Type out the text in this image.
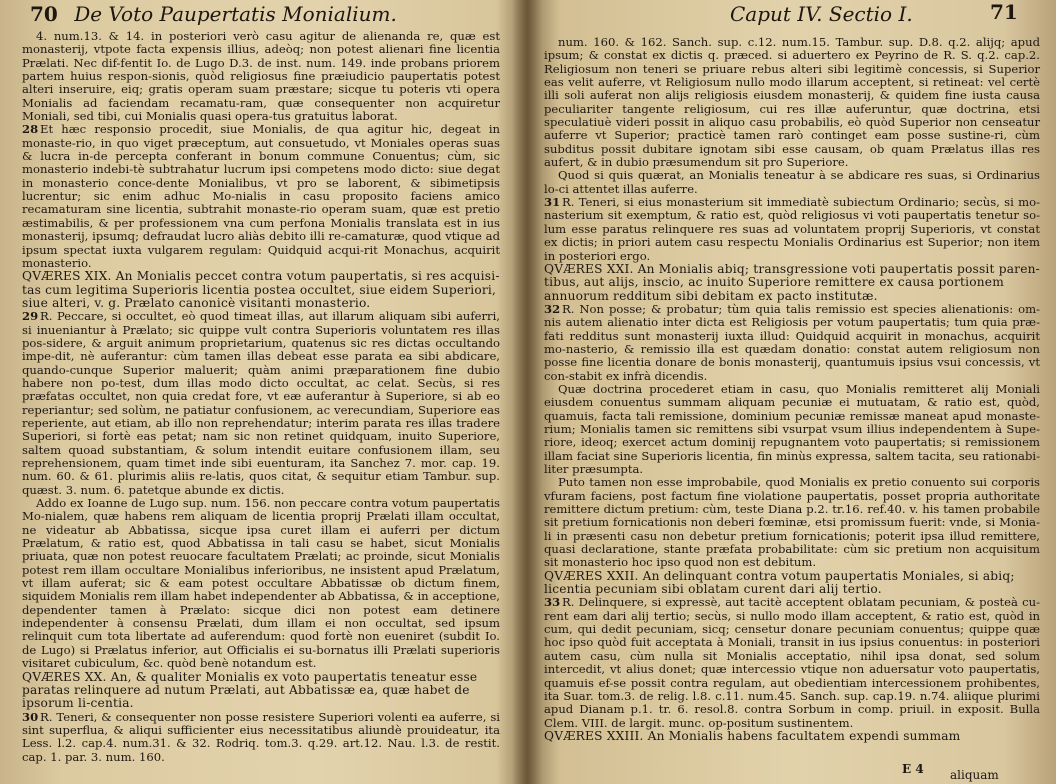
70 De Voto Paupertatis Monialium.

4. num.13. & 14. in posteriori verò casu agitur de alienanda re, quæ est monasterij, vtpote facta expensis illius, adeòq; non potest alienari fine licentia Prælati. Nec dif-fentit Io. de Lugo D.3. de inst. num. 149. inde probans priorem partem huius respon-sionis, quòd religiosus fine præiudicio paupertatis potest alteri inseruire, eiq; gratis operam suam præstare; sicque tu poteris vti opera Monialis ad faciendam recamatu-ram, quæ consequenter non acquiretur Moniali, sed tibi, cui Monialis quasi opera-tus gratuitus laborat.

28 Et hæc responsio procedit, siue Monialis, de qua agitur hic, degeat in monaste-rio, in quo viget præceptum, aut consuetudo, vt Moniales operas suas & lucra in-de percepta conferant in bonum commune Conuentus; cùm, sic monasterio indebi-tè subtrahatur lucrum ipsi competens modo dicto: siue degat in monasterio conce-dente Monialibus, vt pro se laborent, & sibimetipsis lucrentur; sic enim adhuc Mo-nialis in casu proposito faciens amico recamaturam sine licentia, subtrahit monaste-rio operam suam, quæ est pretio æstimabilis, & per professionem vna cum perfona Monialis translata est in ius monasterij, ipsumq; defraudat lucro aliàs debito illi re-camaturæ, quod vtique ad ipsum spectat iuxta vulgarem regulam: Quidquid acqui-rit Monachus, acquirit monasterio.

QVÆRES XIX. An Monialis peccet contra votum paupertatis, si res acquisi-tas cum legitima Superioris licentia postea occultet, siue eidem Superiori, siue alteri, v. g. Prælato canonicè visitanti monasterio.

29 R. Peccare, si occultet, eò quod timeat illas, aut illarum aliquam sibi auferri, si inueniantur à Prælato; sic quippe vult contra Superioris voluntatem res illas pos-sidere, & arguit animum proprietarium, quatenus sic res dictas occultando impe-dit, nè auferantur: cùm tamen illas debeat esse parata ea sibi abdicare, quando-cunque Superior maluerit; quàm animi præparationem fine dubio habere non po-test, dum illas modo dicto occultat, ac celat. Secùs, si res præfatas occultet, non quia credat fore, vt eæ auferantur à Superiore, si ab eo reperiantur; sed solùm, ne patiatur confusionem, ac verecundiam, Superiore eas reperiente, aut etiam, ab illo non reprehendatur; interim parata res illas tradere Superiori, si fortè eas petat; nam sic non retinet quidquam, inuito Superiore, saltem quoad substantiam, & solum intendit euitare confusionem illam, seu reprehensionem, quam timet inde sibi euenturam, ita Sanchez 7. mor. cap. 19. num. 60. & 61. plurimis aliis re-latis, quos citat, & sequitur etiam Tambur. sup. quæst. 3. num. 6. patetque abunde ex dictis.

Addo ex Ioanne de Lugo sup. num. 156. non peccare contra votum paupertatis Mo-nialem, quæ habens rem aliquam de licentia proprij Prælati illam occultat, ne videatur ab Abbatissa, sicque ipsa curet illam ei auferri per dictum Prælatum, & ratio est, quod Abbatissa in tali casu se habet, sicut Monialis priuata, quæ non potest reuocare facultatem Prælati; ac proinde, sicut Monialis potest rem illam occultare Monialibus inferioribus, ne insistent apud Prælatum, vt illam auferat; sic & eam potest occultare Abbatissæ ob dictum finem, siquidem Monialis rem illam habet independenter ab Abbatissa, & in acceptione, dependenter tamen à Prælato: sicque dici non potest eam detinere independenter à consensu Prælati, dum illam ei non occultat, sed ipsum relinquit cum tota libertate ad auferendum: quod fortè non eueniret (subdit Io. de Lugo) si Prælatus inferior, aut Officialis ei su-bornatus illi Prælati superioris visitaret cubiculum, &c. quòd benè notandum est.

QVÆRES XX. An, & qualiter Monialis ex voto paupertatis teneatur esse paratas relinquere ad nutum Prælati, aut Abbatissæ ea, quæ habet de ipsorum li-centia.

30 R. Teneri, & consequenter non posse resistere Superiori volenti ea auferre, si sint superflua, & aliqui sufficienter eius necessitatibus aliundè prouideatur, ita Less. l.2. cap.4. num.31. & 32. Rodriq. tom.3. q.29. art.12. Nau. l.3. de restit. cap. 1. par. 3. num. 160.

Caput IV. Sectio I.	71

num. 160. & 162. Sanch. sup. c.12. num.15. Tambur. sup. D.8. q.2. alijq; apud ipsum; & constat ex dictis q. præced. si aduertero ex Peyrino de R. S. q.2. cap.2. Religiosum non teneri se priuare rebus alteri sibi legitimè concessis, si Superior eas velit auferre, vt Religiosum nullo modo illarum acceptent, si retineat: vel certè illi soli auferat non alijs religiosis eiusdem monasterij, & quidem fine iusta causa peculiariter tangente religiosum, cui res illæ auferuntur, quæ doctrina, etsi speculatiuè videri possit in aliquo casu probabilis, eò quòd Superior non censeatur auferre vt Superior; practicè tamen rarò continget eam posse sustine-ri, cùm subditus possit dubitare ignotam sibi esse causam, ob quam Prælatus illas res aufert, & in dubio præsumendum sit pro Superiore.

Quod si quis quærat, an Monialis teneatur à se abdicare res suas, si Ordinarius lo-ci attentet illas auferre.

31 R. Teneri, si eius monasterium sit immediatè subiectum Ordinario; secùs, si mo-nasterium sit exemptum, & ratio est, quòd religiosus vi voti paupertatis tenetur so-lum esse paratus relinquere res suas ad voluntatem proprij Superioris, vt constat ex dictis; in priori autem casu respectu Monialis Ordinarius est Superior; non item in posteriori ergo.

QVÆRES XXI. An Monialis abiq; transgressione voti paupertatis possit paren-tibus, aut alijs, inscio, ac inuito Superiore remittere ex causa portionem annuorum redditum sibi debitam ex pacto institutæ.

32 R. Non posse; & probatur; tùm quia talis remissio est species alienationis: om-nis autem alienatio inter dicta est Religiosis per votum paupertatis; tum quia præ-fati redditus sunt monasterij iuxta illud: Quidquid acquirit in monachus, acquirit mo-nasterio, & remissio illa est quædam donatio: constat autem religiosum non posse fine licentia donare de bonis monasterij, quantumuis ipsius vsui concessis, vt con-stabit ex infrà dicendis.

Quæ doctrina procederet etiam in casu, quo Monialis remitteret alij Moniali eiusdem conuentus summam aliquam pecuniæ ei mutuatam, & ratio est, quòd, quamuis, facta tali remissione, dominium pecuniæ remissæ maneat apud monaste-rium; Monialis tamen sic remittens sibi vsurpat vsum illius independentem à Supe-riore, ideoq; exercet actum dominij repugnantem voto paupertatis; si remissionem illam faciat sine Superioris licentia, fin minùs expressa, saltem tacita, seu rationabi-liter præsumpta.

Puto tamen non esse improbabile, quod Monialis ex pretio conuento sui corporis vfuram faciens, post factum fine violatione paupertatis, posset propria authoritate remittere dictum pretium: cùm, teste Diana p.2. tr.16. ref.40. v. his tamen probabile sit pretium fornicationis non deberi fœminæ, etsi promissum fuerit: vnde, si Monia-li in præsenti casu non debetur pretium fornicationis; poterit ipsa illud remittere, quasi declaratione, stante præfata probabilitate: cùm sic pretium non acquisitum sit monasterio hoc ipso quod non est debitum.

QVÆRES XXII. An delinquant contra votum paupertatis Moniales, si abiq; licentia pecuniam sibi oblatam curent dari alij tertio.

33 R. Delinquere, si expressè, aut tacitè acceptent oblatam pecuniam, & posteà cu-rent eam dari alij tertio; secùs, si nullo modo illam acceptent, & ratio est, quòd in cum, qui dedit pecuniam, sicq; censetur donare pecuniam conuentus; quippe quæ hoc ipso quòd fuit acceptata à Moniali, transit in ius ipsius conuentus: in posteriori autem casu, cùm nulla sit Monialis acceptatio, nihil ipsa donat, sed solum intercedit, vt alius donet; quæ intercessio vtique non aduersatur voto paupertatis, quamuis ef-se possit contra regulam, aut obedientiam intercessionem prohibentes, ita Suar. tom.3. de relig. l.8. c.11. num.45. Sanch. sup. cap.19. n.74. aliique plurimi apud Dianam p.1. tr. 6. resol.8. contra Sorbum in comp. priuil. in exposit. Bulla Clem. VIII. de largit. munc. op-positum sustinentem.

QVÆRES XXIII. An Monialis habens facultatem expendi summam

E 4 aliquam
